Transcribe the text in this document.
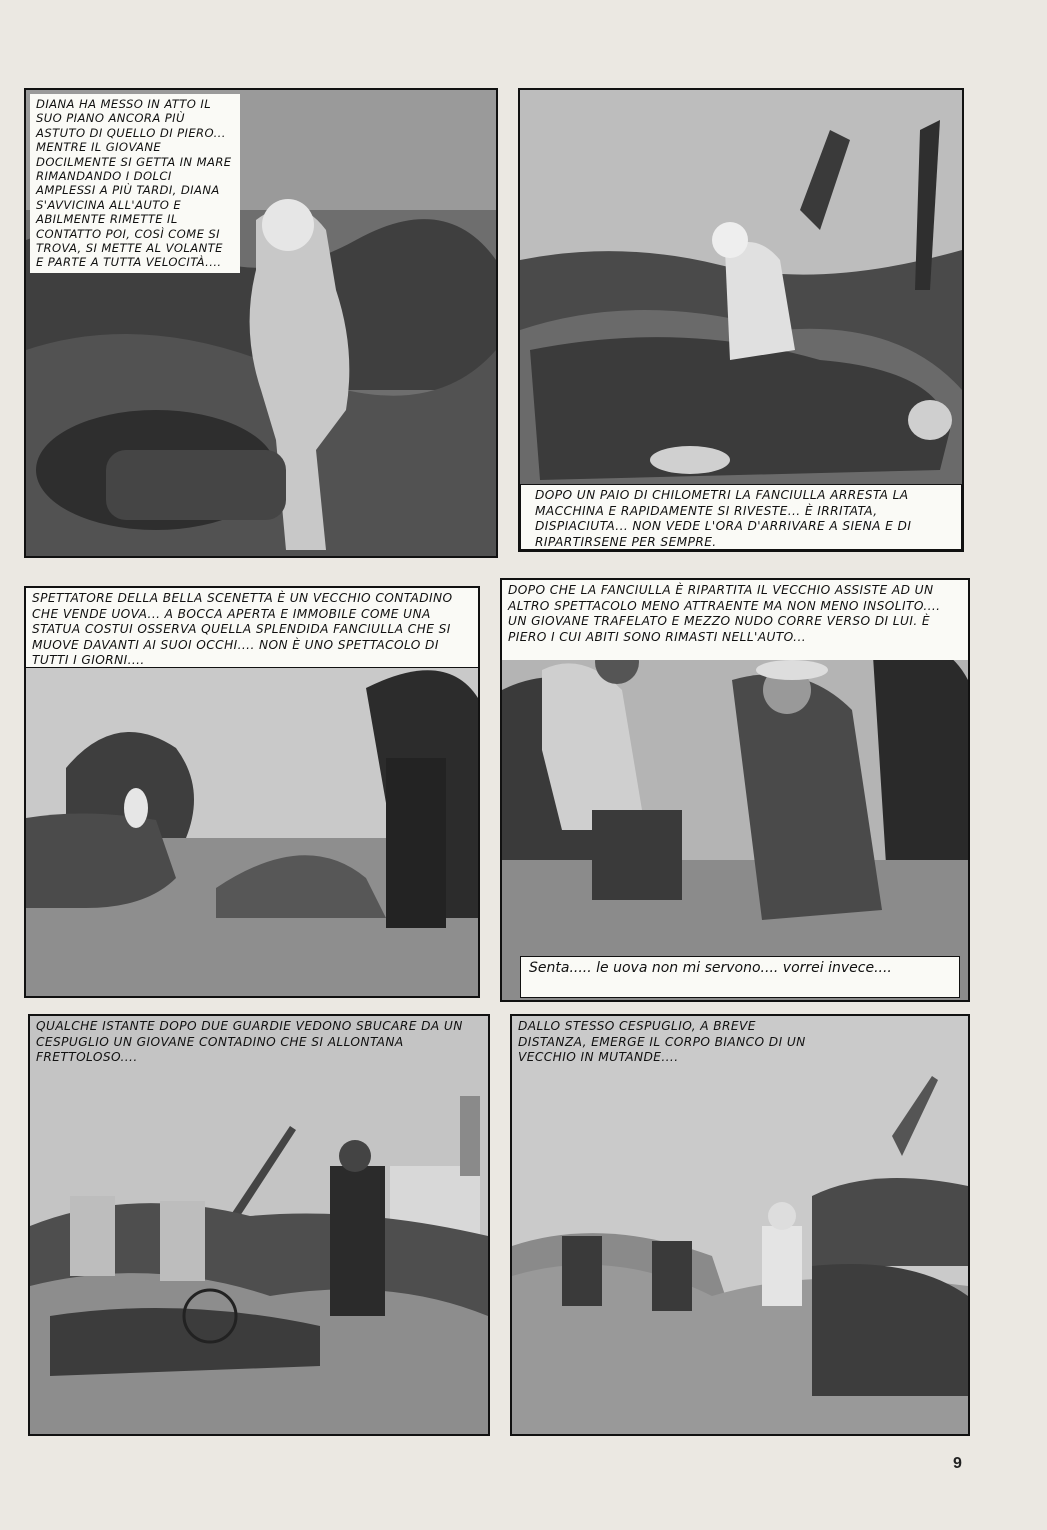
DIANA HA MESSO IN ATTO IL SUO PIANO ANCORA PIÙ ASTUTO DI QUELLO DI PIERO... MENTRE IL GIOVANE DOCILMENTE SI GETTA IN MARE RIMANDANDO I DOLCI AMPLESSI A PIÙ TARDI, DIANA S'AVVICINA ALL'AUTO E ABILMENTE RIMETTE IL CONTATTO POI, COSÌ COME SI TROVA, SI METTE AL VOLANTE E PARTE A TUTTA VELOCITÀ....
DOPO UN PAIO DI CHILOMETRI LA FANCIULLA ARRESTA LA MACCHINA E RAPIDAMENTE SI RIVESTE... È IRRITATA, DISPIACIUTA... NON VEDE L'ORA D'ARRIVARE A SIENA E DI RIPARTIRSENE PER SEMPRE.
SPETTATORE DELLA BELLA SCENETTA È UN VECCHIO CONTADINO CHE VENDE UOVA... A BOCCA APERTA E IMMOBILE COME UNA STATUA COSTUI OSSERVA QUELLA SPLENDIDA FANCIULLA CHE SI MUOVE DAVANTI AI SUOI OCCHI.... NON È UNO SPETTACOLO DI TUTTI I GIORNI....
DOPO CHE LA FANCIULLA È RIPARTITA IL VECCHIO ASSISTE AD UN ALTRO SPETTACOLO MENO ATTRAENTE MA NON MENO INSOLITO.... UN GIOVANE TRAFELATO E MEZZO NUDO CORRE VERSO DI LUI. È PIERO I CUI ABITI SONO RIMASTI NELL'AUTO...
Senta..... le uova non mi servono.... vorrei invece....
QUALCHE ISTANTE DOPO DUE GUARDIE VEDONO SBUCARE DA UN CESPUGLIO UN GIOVANE CONTADINO CHE SI ALLONTANA FRETTOLOSO....
DALLO STESSO CESPUGLIO, A BREVE DISTANZA, EMERGE IL CORPO BIANCO DI UN VECCHIO IN MUTANDE....
9
